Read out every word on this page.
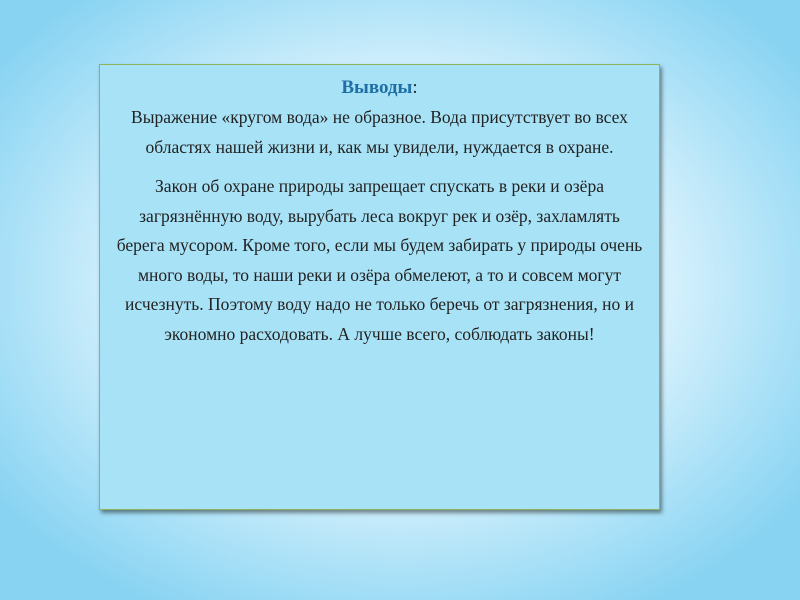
Выводы:

Выражение «кругом вода» не образное. Вода присутствует во всех областях нашей жизни и, как мы увидели, нуждается в охране.

Закон об охране природы запрещает спускать в реки и озёра загрязнённую воду, вырубать леса вокруг рек и озёр, захламлять берега мусором. Кроме того, если мы будем забирать у природы очень много воды, то наши реки и озёра обмелеют, а то и совсем могут исчезнуть. Поэтому воду надо не только беречь от загрязнения, но и экономно расходовать. А лучше всего, соблюдать законы!
